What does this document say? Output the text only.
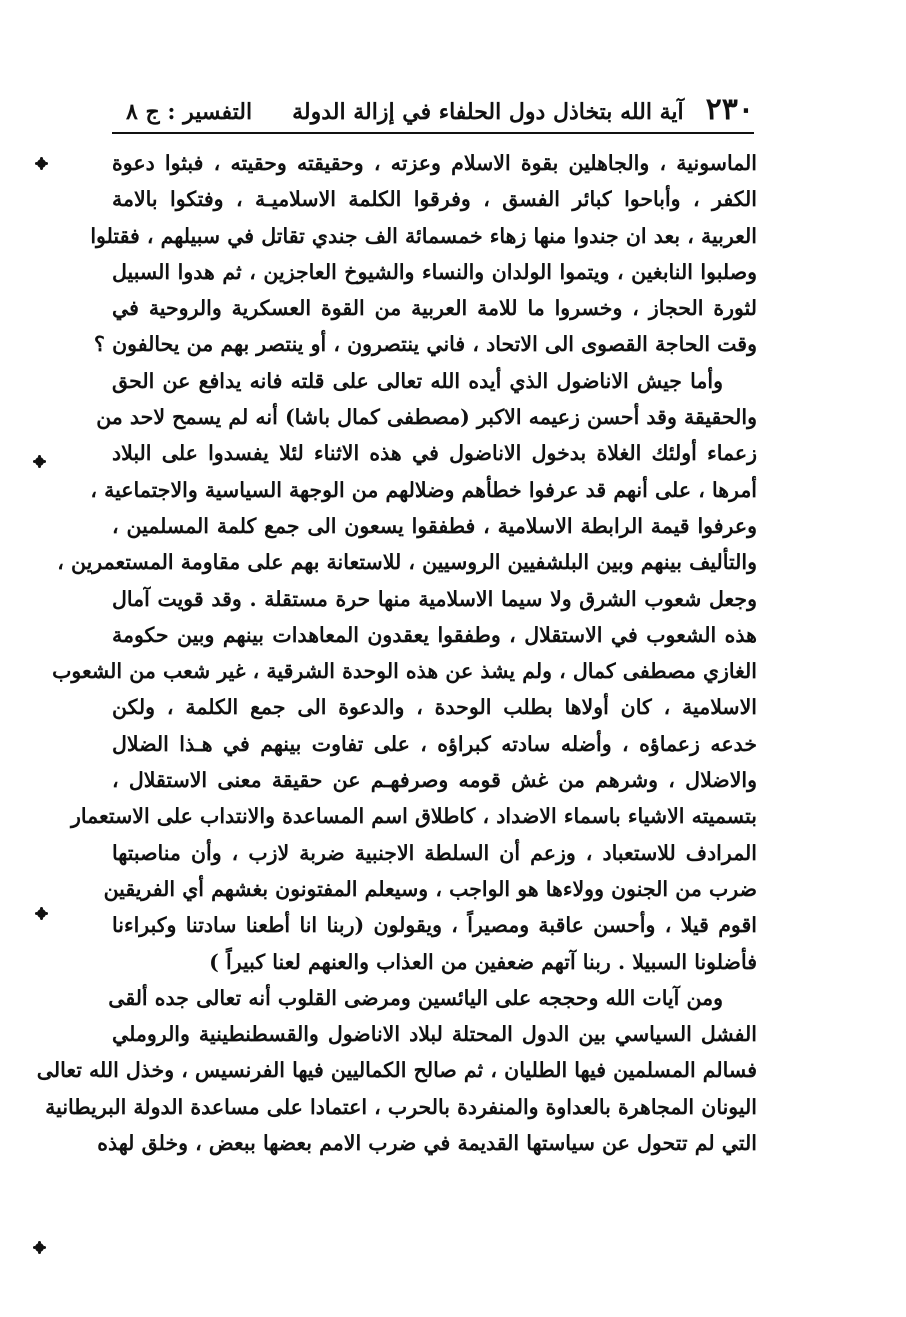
٢٣٠
آية الله بتخاذل دول الحلفاء في إزالة الدولة
التفسير : ج ٨
الماسونية ، والجاهلين بقوة الاسلام وعزته ، وحقيقته وحقيته ، فبثوا دعوة
الكفر ، وأباحوا كبائر الفسق ، وفرقوا الكلمة الاسلاميـة ، وفتكوا بالامة
العربية ، بعد ان جندوا منها زهاء خمسمائة الف جندي تقاتل في سبيلهم ، فقتلوا
وصلبوا النابغين ، ويتموا الولدان والنساء والشيوخ العاجزين ، ثم هدوا السبيل
لثورة الحجاز ، وخسروا ما للامة العربية من القوة العسكرية والروحية في
وقت الحاجة القصوى الى الاتحاد ، فاني ينتصرون ، أو ينتصر بهم من يحالفون ؟
وأما جيش الاناضول الذي أيده الله تعالى على قلته فانه يدافع عن الحق
والحقيقة وقد أحسن زعيمه الاكبر (مصطفى كمال باشا) أنه لم يسمح لاحد من
زعماء أولئك الغلاة بدخول الاناضول في هذه الاثناء لئلا يفسدوا على البلاد
أمرها ، على أنهم قد عرفوا خطأهم وضلالهم من الوجهة السياسية والاجتماعية ،
وعرفوا قيمة الرابطة الاسلامية ، فطفقوا يسعون الى جمع كلمة المسلمين ،
والتأليف بينهم وبين البلشفيين الروسيين ، للاستعانة بهم على مقاومة المستعمرين ،
وجعل شعوب الشرق ولا سيما الاسلامية منها حرة مستقلة . وقد قويت آمال
هذه الشعوب في الاستقلال ، وطفقوا يعقدون المعاهدات بينهم وبين حكومة
الغازي مصطفى كمال ، ولم يشذ عن هذه الوحدة الشرقية ، غير شعب من الشعوب
الاسلامية ، كان أولاها بطلب الوحدة ، والدعوة الى جمع الكلمة ، ولكن
خدعه زعماؤه ، وأضله سادته كبراؤه ، على تفاوت بينهم في هـذا الضلال
والاضلال ، وشرهم من غش قومه وصرفهـم عن حقيقة معنى الاستقلال ،
بتسميته الاشياء باسماء الاضداد ، كاطلاق اسم المساعدة والانتداب على الاستعمار
المرادف للاستعباد ، وزعم أن السلطة الاجنبية ضربة لازب ، وأن مناصبتها
ضرب من الجنون وولاءها هو الواجب ، وسيعلم المفتونون بغشهم أي الفريقين
اقوم قيلا ، وأحسن عاقبة ومصيراً ، ويقولون (ربنا انا أطعنا سادتنا وكبراءنا
فأضلونا السبيلا . ربنا آتهم ضعفين من العذاب والعنهم لعنا كبيراً )
ومن آيات الله وحججه على اليائسين ومرضى القلوب أنه تعالى جده ألقى
الفشل السياسي بين الدول المحتلة لبلاد الاناضول والقسطنطينية والروملي
فسالم المسلمين فيها الطليان ، ثم صالح الكماليين فيها الفرنسيس ، وخذل الله تعالى
اليونان المجاهرة بالعداوة والمنفردة بالحرب ، اعتمادا على مساعدة الدولة البريطانية
التي لم تتحول عن سياستها القديمة في ضرب الامم بعضها ببعض ، وخلق لهذه
